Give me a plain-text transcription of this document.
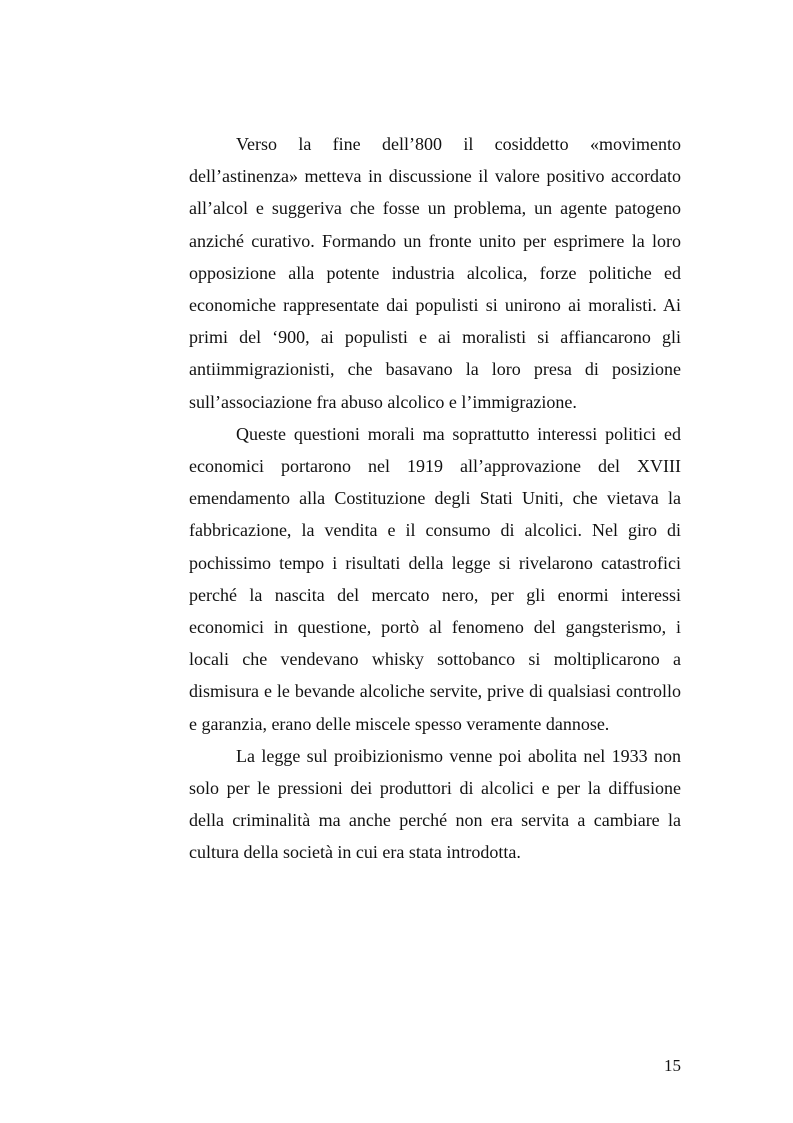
Verso la fine dell’800 il cosiddetto «movimento dell’astinenza» metteva in discussione il valore positivo accordato all’alcol e suggeriva che fosse un problema, un agente patogeno anziché curativo. Formando un fronte unito per esprimere la loro opposizione alla potente industria alcolica, forze politiche ed economiche rappresentate dai populisti si unirono ai moralisti. Ai primi del ‘900, ai populisti e ai moralisti si affiancarono gli antiimmigrazionisti, che basavano la loro presa di posizione sull’associazione fra abuso alcolico e l’immigrazione.

Queste questioni morali ma soprattutto interessi politici ed economici portarono nel 1919 all’approvazione del XVIII emendamento alla Costituzione degli Stati Uniti, che vietava la fabbricazione, la vendita e il consumo di alcolici. Nel giro di pochissimo tempo i risultati della legge si rivelarono catastrofici perché la nascita del mercato nero, per gli enormi interessi economici in questione, portò al fenomeno del gangsterismo, i locali che vendevano whisky sottobanco si moltiplicarono a dismisura e le bevande alcoliche servite, prive di qualsiasi controllo e garanzia, erano delle miscele spesso veramente dannose.

La legge sul proibizionismo venne poi abolita nel 1933 non solo per le pressioni dei produttori di alcolici e per la diffusione della criminalità ma anche perché non era servita a cambiare la cultura della società in cui era stata introdotta.

15
